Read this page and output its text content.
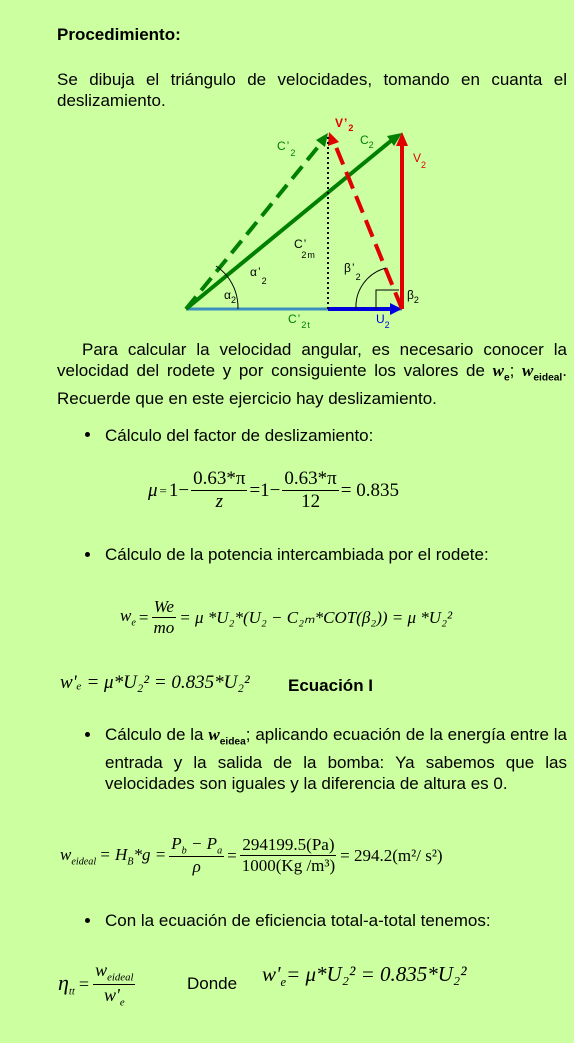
Procedimiento:
Se dibuja el triángulo de velocidades, tomando en cuanta el deslizamiento.
$V’_2$
$C_2$
$C’_2$	$V_2$
C’ 2m
$\beta’_2$
$\alpha’_2$
$\alpha_2$	$\beta_2$
$C’_{2t}$	$U_2$
Para calcular la velocidad angular, es necesario conocer la velocidad del rodete y por consiguiente los valores de $w_e$; $w_{eideal}$. Recuerde que en este ejercicio hay deslizamiento.
Cálculo del factor de deslizamiento:
$\mu = 1- \frac{0.63*\pi}{z} =1- \frac{0.63*\pi}{12} = 0.835$
Cálculo de la potencia intercambiada por el rodete:
$w_e = \frac{We}{mo} = \mu$ *U₂*(U₂ − C₂ₘ*COT(β₂)) = μ *U₂²
w'ₑ = μ*U₂² = 0.835*U₂² Ecuación I
Cálculo de la $w_{eidea}$; aplicando ecuación de la energía entre la entrada y la salida de la bomba: Ya sabemos que las velocidades son iguales y la diferencia de altura es 0.
$w_{eideal} = H_B*g = \frac{P_b - P_a}{\rho} = \frac{294199.5(Pa)}{\text{1000(Kg /m³)}} = 294.2(m^2/$ s²)
Con la ecuación de eficiencia total-a-total tenemos:
$\eta_{tt} = \frac{w_{eideal}}{w'_e}$	Donde $w'_e= \mu*U_2^2 = 0.835*U_2^2$
